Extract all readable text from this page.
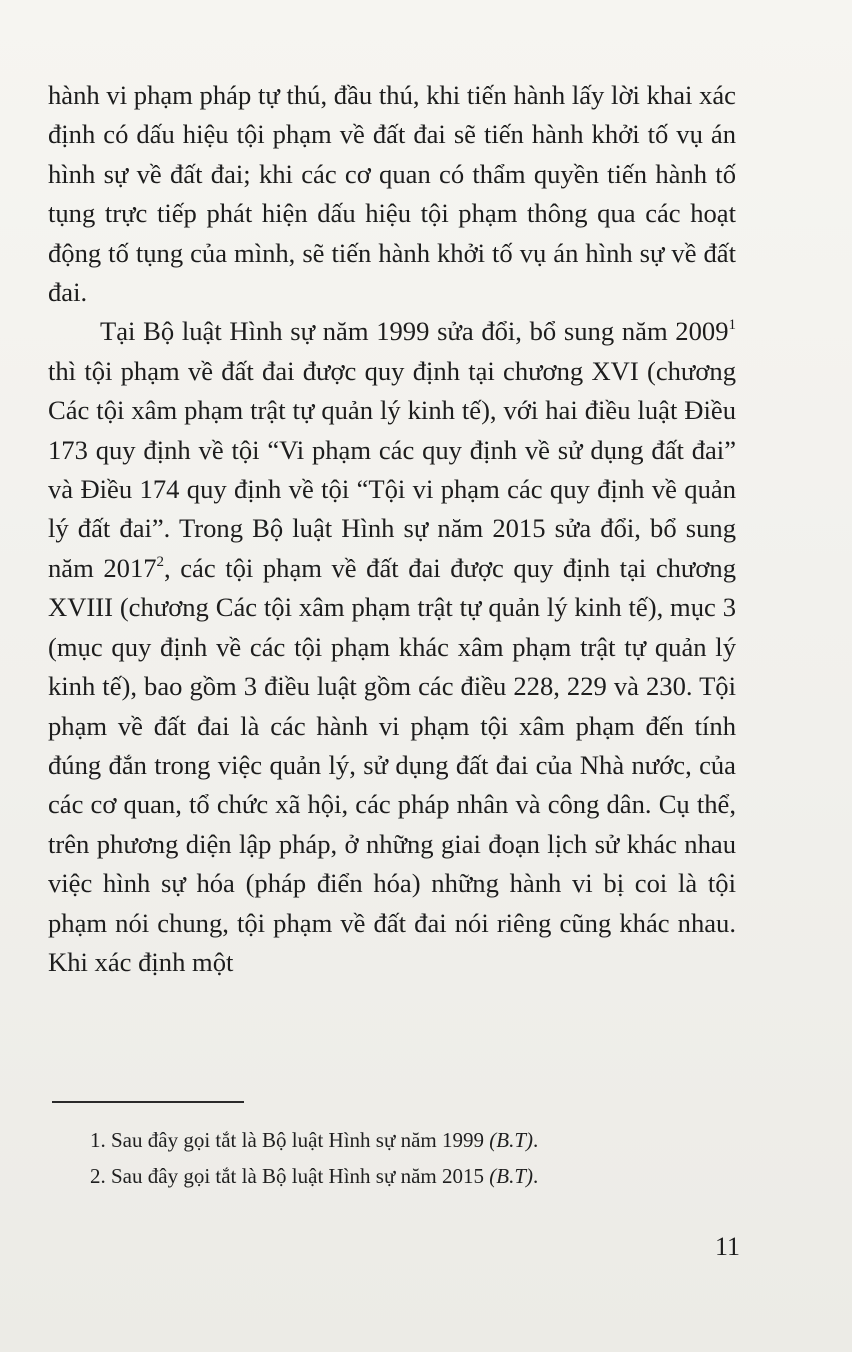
hành vi phạm pháp tự thú, đầu thú, khi tiến hành lấy lời khai xác định có dấu hiệu tội phạm về đất đai sẽ tiến hành khởi tố vụ án hình sự về đất đai; khi các cơ quan có thẩm quyền tiến hành tố tụng trực tiếp phát hiện dấu hiệu tội phạm thông qua các hoạt động tố tụng của mình, sẽ tiến hành khởi tố vụ án hình sự về đất đai.

Tại Bộ luật Hình sự năm 1999 sửa đổi, bổ sung năm 2009$^1$ thì tội phạm về đất đai được quy định tại chương XVI (chương Các tội xâm phạm trật tự quản lý kinh tế), với hai điều luật Điều 173 quy định về tội “Vi phạm các quy định về sử dụng đất đai” và Điều 174 quy định về tội “Tội vi phạm các quy định về quản lý đất đai”. Trong Bộ luật Hình sự năm 2015 sửa đổi, bổ sung năm 2017$^2$, các tội phạm về đất đai được quy định tại chương XVIII (chương Các tội xâm phạm trật tự quản lý kinh tế), mục 3 (mục quy định về các tội phạm khác xâm phạm trật tự quản lý kinh tế), bao gồm 3 điều luật gồm các điều 228, 229 và 230. Tội phạm về đất đai là các hành vi phạm tội xâm phạm đến tính đúng đắn trong việc quản lý, sử dụng đất đai của Nhà nước, của các cơ quan, tổ chức xã hội, các pháp nhân và công dân. Cụ thể, trên phương diện lập pháp, ở những giai đoạn lịch sử khác nhau việc hình sự hóa (pháp điển hóa) những hành vi bị coi là tội phạm nói chung, tội phạm về đất đai nói riêng cũng khác nhau. Khi xác định một

1. Sau đây gọi tắt là Bộ luật Hình sự năm 1999 (B.T).
2. Sau đây gọi tắt là Bộ luật Hình sự năm 2015 (B.T).
11
